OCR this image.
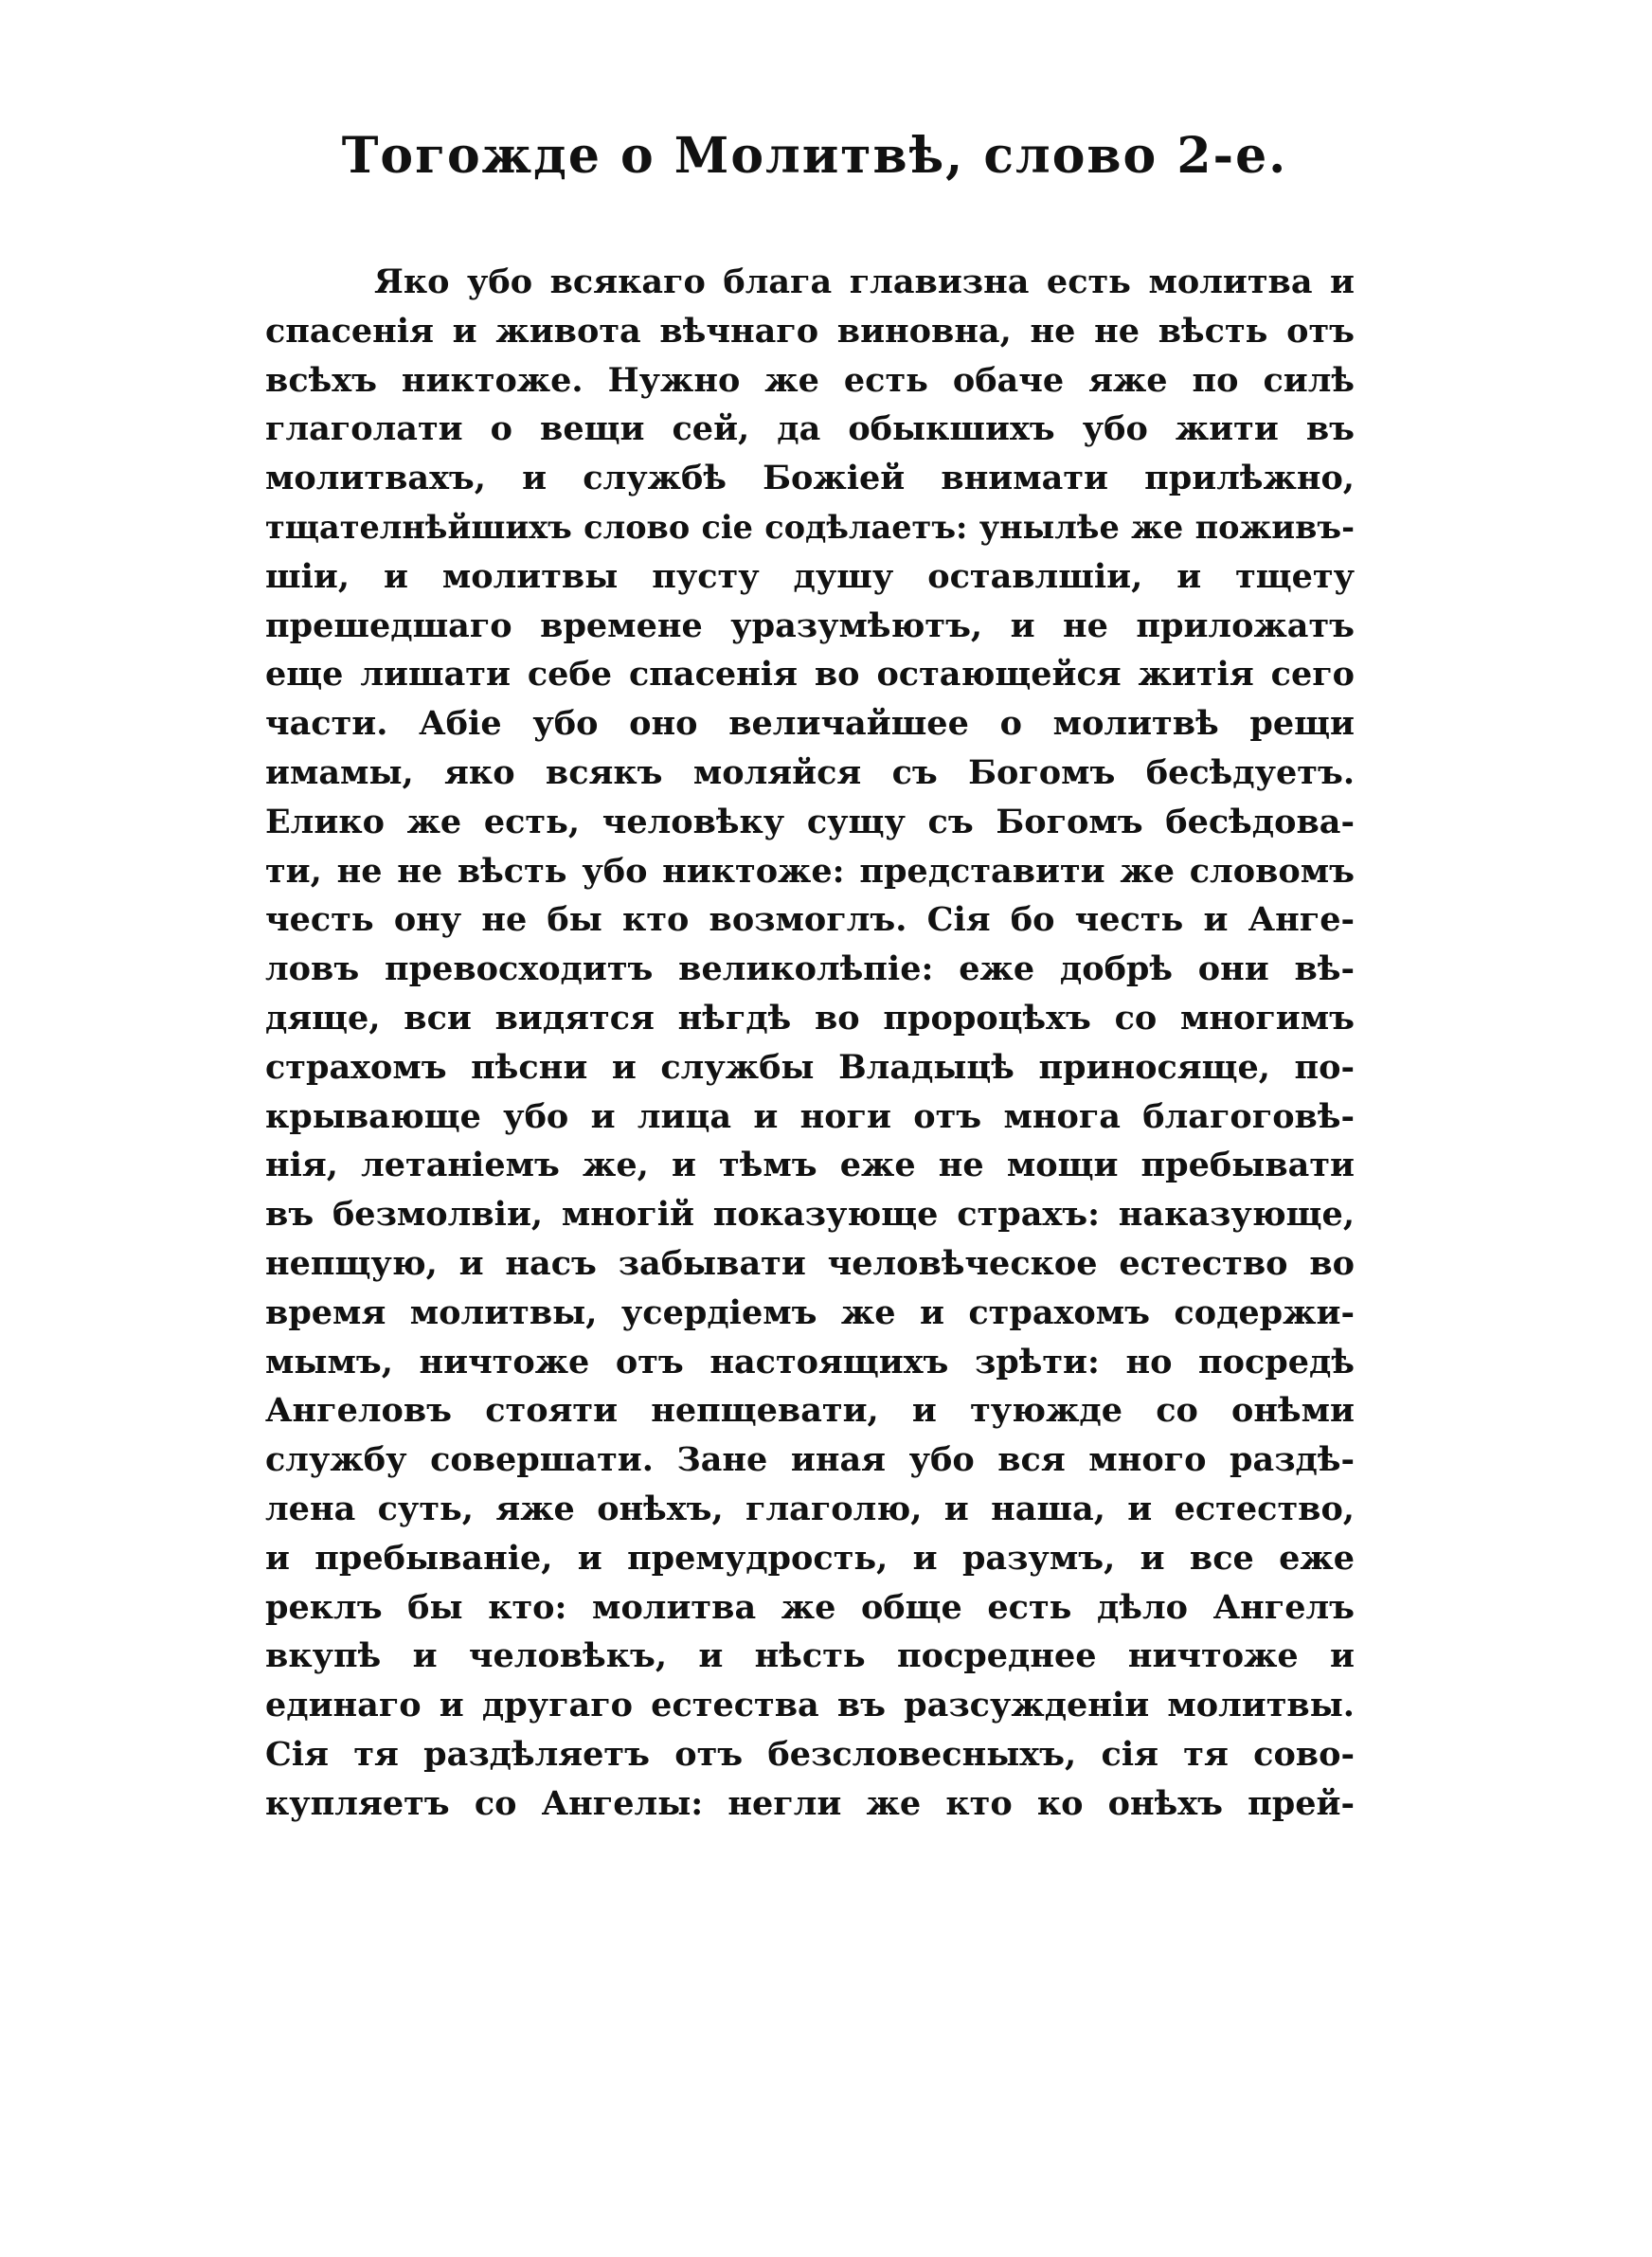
Тогожде о Молитвѣ, слово 2-е.
Яко убо всякаго блага главизна есть молитва и
спасенія и живота вѣчнаго виновна, не не вѣсть отъ
всѣхъ никтоже. Нужно же есть обаче яже по силѣ
глаголати о вещи сей, да обыкшихъ убо жити въ
молитвахъ, и службѣ Божіей внимати прилѣжно,
тщателнѣйшихъ слово сіе содѣлаетъ: унылѣе же поживъ-
шіи, и молитвы пусту душу оставлшіи, и тщету
прешедшаго времене уразумѣютъ, и не приложатъ
еще лишати себе спасенія во остающейся житія сего
части. Абіе убо оно величайшее о молитвѣ рещи
имамы, яко всякъ моляйся съ Богомъ бесѣдуетъ.
Елико же есть, человѣку сущу съ Богомъ бесѣдова-
ти, не не вѣсть убо никтоже: представити же словомъ
честь ону не бы кто возмоглъ. Сія бо честь и Анге-
ловъ превосходитъ великолѣпіе: еже добрѣ они вѣ-
дяще, вси видятся нѣгдѣ во пророцѣхъ со многимъ
страхомъ пѣсни и службы Владыцѣ приносяще, по-
крывающе убо и лица и ноги отъ многа благоговѣ-
нія, летаніемъ же, и тѣмъ еже не мощи пребывати
въ безмолвіи, многій показующе страхъ: наказующе,
непщую, и насъ забывати человѣческое естество во
время молитвы, усердіемъ же и страхомъ содержи-
мымъ, ничтоже отъ настоящихъ зрѣти: но посредѣ
Ангеловъ стояти непщевати, и туюжде со онѣми
службу совершати. Зане иная убо вся много раздѣ-
лена суть, яже онѣхъ, глаголю, и наша, и естество,
и пребываніе, и премудрость, и разумъ, и все еже
реклъ бы кто: молитва же обще есть дѣло Ангелъ
вкупѣ и человѣкъ, и нѣсть посреднее ничтоже и
единаго и другаго естества въ разсужденіи молитвы.
Сія тя раздѣляетъ отъ безсловесныхъ, сія тя сово-
купляетъ со Ангелы: негли же кто ко онѣхъ прей-
